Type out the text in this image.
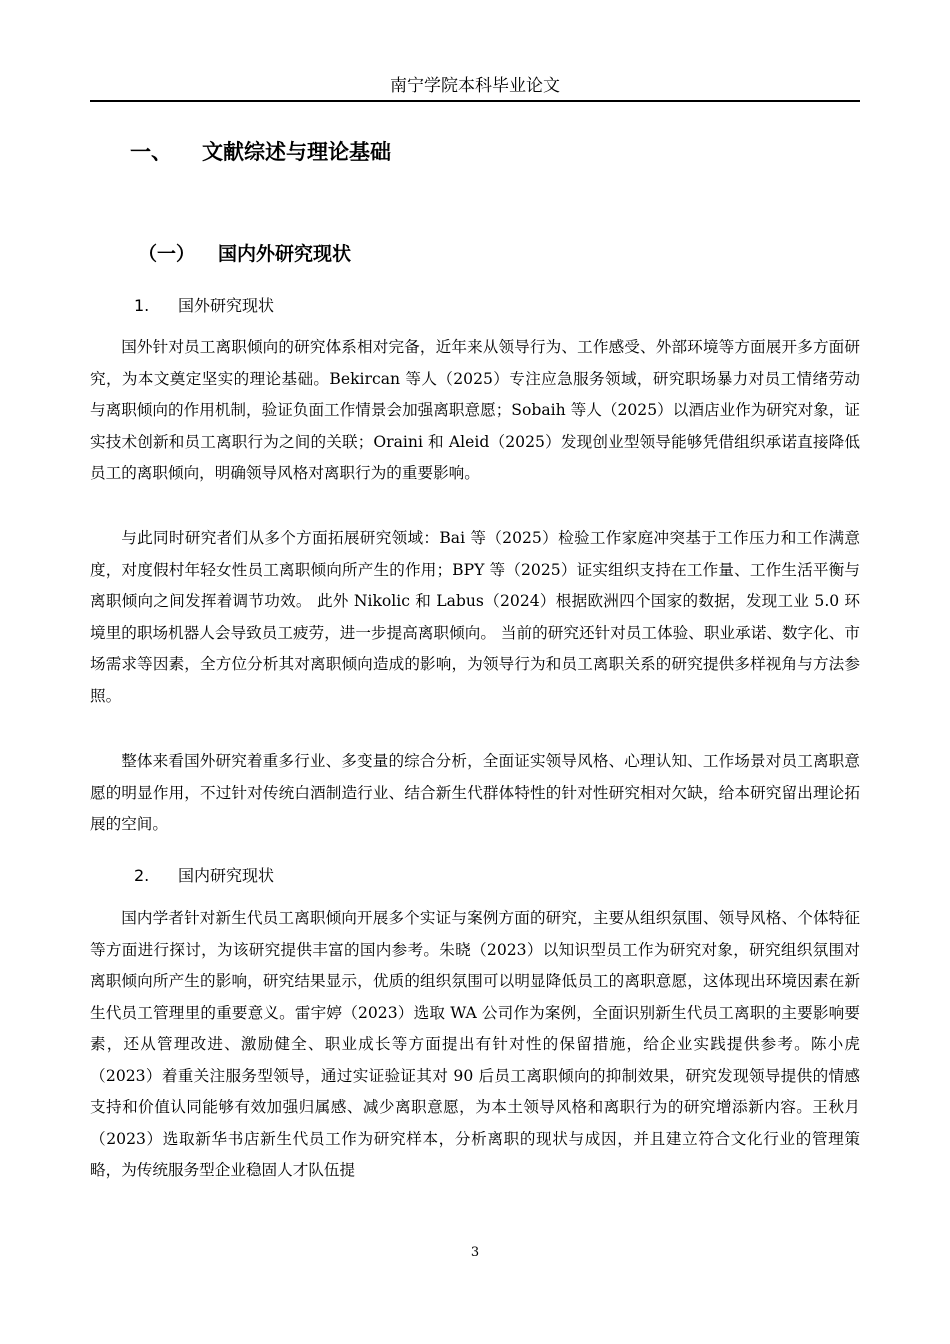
南宁学院本科毕业论文
一、 文献综述与理论基础
（一） 国内外研究现状
1. 国外研究现状

国外针对员工离职倾向的研究体系相对完备，近年来从领导行为、工作感受、外部环境等方面展开多方面研究，为本文奠定坚实的理论基础。Bekircan 等人（2025）专注应急服务领域，研究职场暴力对员工情绪劳动与离职倾向的作用机制，验证负面工作情景会加强离职意愿；Sobaih 等人（2025）以酒店业作为研究对象，证实技术创新和员工离职行为之间的关联；Oraini 和 Aleid（2025）发现创业型领导能够凭借组织承诺直接降低员工的离职倾向，明确领导风格对离职行为的重要影响。

与此同时研究者们从多个方面拓展研究领域：Bai 等（2025）检验工作家庭冲突基于工作压力和工作满意度，对度假村年轻女性员工离职倾向所产生的作用；BPY 等（2025）证实组织支持在工作量、工作生活平衡与离职倾向之间发挥着调节功效。 此外 Nikolic 和 Labus（2024）根据欧洲四个国家的数据，发现工业 5.0 环境里的职场机器人会导致员工疲劳，进一步提高离职倾向。 当前的研究还针对员工体验、职业承诺、数字化、市场需求等因素，全方位分析其对离职倾向造成的影响，为领导行为和员工离职关系的研究提供多样视角与方法参照。

整体来看国外研究着重多行业、多变量的综合分析，全面证实领导风格、心理认知、工作场景对员工离职意愿的明显作用，不过针对传统白酒制造行业、结合新生代群体特性的针对性研究相对欠缺，给本研究留出理论拓展的空间。

2. 国内研究现状

国内学者针对新生代员工离职倾向开展多个实证与案例方面的研究，主要从组织氛围、领导风格、个体特征等方面进行探讨，为该研究提供丰富的国内参考。朱晓（2023）以知识型员工作为研究对象，研究组织氛围对离职倾向所产生的影响，研究结果显示，优质的组织氛围可以明显降低员工的离职意愿，这体现出环境因素在新生代员工管理里的重要意义。雷宇婷（2023）选取 WA 公司作为案例，全面识别新生代员工离职的主要影响要素，还从管理改进、激励健全、职业成长等方面提出有针对性的保留措施，给企业实践提供参考。陈小虎（2023）着重关注服务型领导，通过实证验证其对 90 后员工离职倾向的抑制效果，研究发现领导提供的情感支持和价值认同能够有效加强归属感、减少离职意愿，为本土领导风格和离职行为的研究增添新内容。王秋月（2023）选取新华书店新生代员工作为研究样本，分析离职的现状与成因，并且建立符合文化行业的管理策略，为传统服务型企业稳固人才队伍提

3
